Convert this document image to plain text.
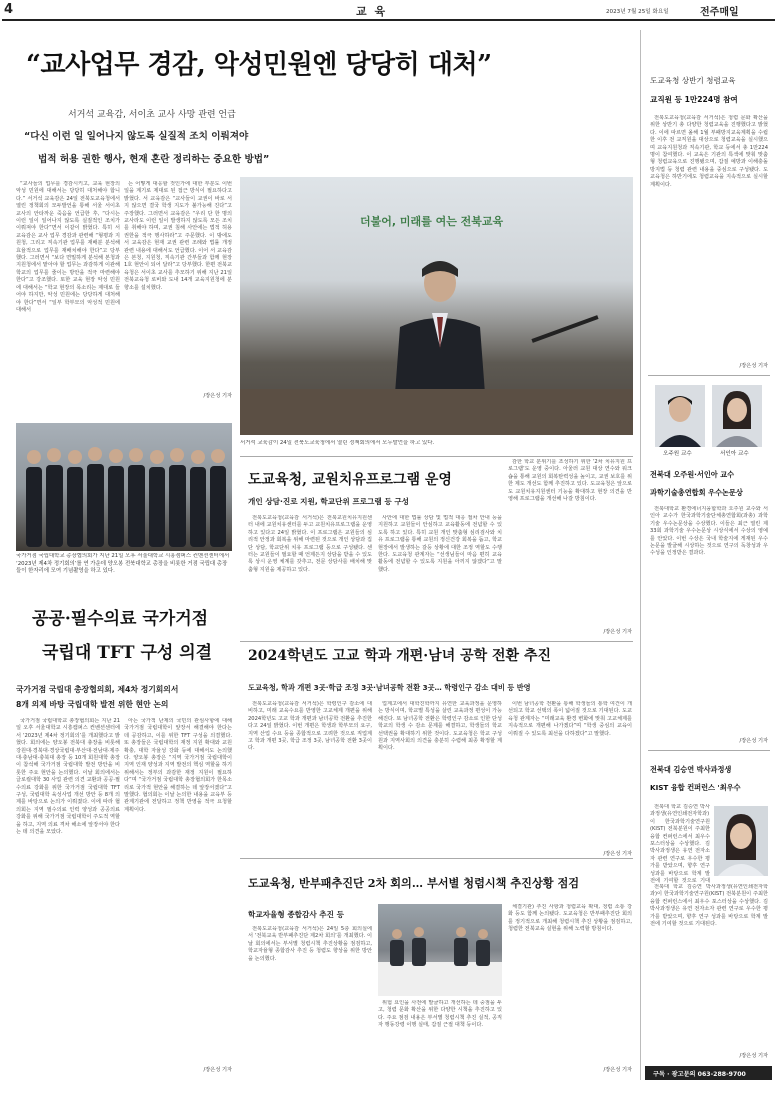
4	교 육	2023년 7월 25일 화요일	전주매일
“교사업무 경감, 악성민원엔 당당히 대처”
서거석 교육감, 서이초 교사 사망 관련 언급
“다신 이런 일 일어나지 않도록 실질적 조치 이뤄져야
법적 허용 권한 행사, 현재 혼란 정리하는 중요한 방법”

“교사들의 업무를 경감시키고, 교육 현장의 악성 민원에 대해서는 당당히 대처해야 합니다.” 서거석 교육감은 24일 전북도교육청에서 열린 정책회의 모두발언을 통해 서울 서이초 교사의 안타까운 죽음을 언급한 후, “다시는 이런 일이 일어나지 않도록 실질적인 조치가 이뤄져야 한다”면서 이같이 밝혔다. 특히 서 교육감은 교사 업무 경감과 관련해 “형평과 지원청, 그리고 직속기관 업무를 재배분 분석해 효율적으로 업무를 재배치해야 한다”고 당부했다. 그러면서 “보다 면밀하게 분석해 본청과 지원청에서 맡아야 할 업무는 과감하게 이관해 학교의 업무를 줄이는 방안을 적극 마련해야 한다”고 강조했다. 또한 교육 현장 악성 민원에 대해서는 “학교 현장의 목소리는 제대로 들어야 하지만, 악성 민원에는 당당하게 대처해야 한다”면서 “일부 학부모의 악성적 민원에 대해서

는 어떻게 대응할 것인가에 대한 부분도 이번 일을 계기로 제대로 된 접근 방식이 필요하다고 밝혔다. 서 교육감은 “교사들이 교권이 바로 서지 않으면 결국 학생 지도가 불가능해 진다”고 주장했다. 그러면서 교육감은 “우리 단 한 명의 교사라도 이런 일이 발생하지 않도록 모든 조치를 취해야 하며, 교권 침해 사안에는 법적 허용 권한을 적극 행사하라”고 주문했다. 이 밖에도 서 교육감은 현재 교권 관련 조례와 법률 개정 관련 내용에 대해서도 언급했다. 이어 서 교육감은 본청, 지원청, 직속기관 간부들과 함께 현장 1호 현안이 되어 달라”고 당부했다. 한편 전북교육청은 서이초 교사를 추모하기 위해 지난 21일 전북교육청 로비와 도내 14개 교육지원청에 분향소를 설치했다.

/장은성 기자
더불어, 미래를 여는 전북교육
서거석 교육감이 24일 전북도교육청에서 열린 정책회의에서 모두발언을 하고 있다.
국가거점 국립대학교 총장협의회가 지난 21일 오후 서울대학교 시흥캠퍼스 컨벤션센터에서 ‘2023년 제4차 정기회의’를 연 가운데 양오봉 전북대학교 총장을 비롯한 거점 국립대 총장들이 한자리에 모여 기념촬영을 하고 있다.
공공·필수의료 국가거점
국립대 TFT 구성 의결
국가거점 국립대 총장협의회, 제4차 정기회의서
8개 의제 바탕 국립대학 발전 위한 현안 논의

국가거점 국립대학교 총장협의회는 지난 21일 오후 서울대학교 시흥캠퍼스 컨벤션센터에서 ‘2023년 제4차 정기회의’를 개최했다고 밝혔다. 회의에는 양오봉 전북대 총장을 비롯해 강원대·경북대·경상국립대·부산대·전남대·제주대·충남대·충북대 총장 등 10개 회원대학 총장이 참석해 국가거점 국립대학 발전 방안을 비롯한 주요 현안을 논의했다. 이날 회의에서는 글로컬대학 30 사업 관련 의견 교환과 공공·필수의료 강화를 위한 국가거점 국립대학 TFT 구성, 국립대학 육성사업 개선 방안 등 8개 의제를 바탕으로 논의가 이뤄졌다. 이에 따라 협의회는 지역 필수의료 인력 양성과 공공의료 강화를 위해 국가거점 국립대학이 주도적 역할을 하고, 지역 의료 격차 해소에 앞장서야 한다는 데 의견을 모았다.

아는 국가적 난제의 국민의 관심사항에 대해 국가거점 국립대학이 앞장서 해결해야 한다는 데 공감하고, 이를 위한 TFT 구성을 의결했다. 또 총장들은 국립대학의 재정 지원 확대와 교원 확충, 대학 자율성 강화 등에 대해서도 논의했다. 양오봉 총장은 “지역 국가거점 국립대학이 지역 인재 양성과 지역 발전의 핵심 역할을 하기 위해서는 정부의 과감한 재정 지원이 필요하다”며 “국가거점 국립대학 총장협의회가 한목소리로 국가적 현안을 해결하는 데 앞장서겠다”고 말했다. 협의회는 이날 논의한 내용을 교육부 등 관계기관에 전달하고 정책 반영을 적극 요청할 계획이다.

/장은성 기자
도교육청, 교원치유프로그램 운영
개인 상담·진로 지원, 학교단위 프로그램 등 구성

전북도교육청(교육감 서거석)은 전북교원치유지원센터 내에 교원치유센터를 두고 교원치유프로그램을 운영하고 있다고 24일 밝혔다. 이 프로그램은 교원들의 심리적 안정과 회복을 위해 마련된 것으로 개인 상담과 집단 상담, 학교단위 치유 프로그램 등으로 구성됐다. 센터는 교원들이 필요할 때 언제든지 상담을 받을 수 있도록 상시 운영 체계를 갖추고, 전문 상담사를 배치해 맞춤형 지원을 제공하고 있다.

사안에 대한 법률 상담 및 법적 대응 절차 안내 등을 지원하고 교원들이 안심하고 교육활동에 전념할 수 있도록 하고 있다. 특히 교원 개인 맞춤형 심리검사와 치유 프로그램을 통해 교원의 정신건강 회복을 돕고, 학교 현장에서 발생하는 갈등 상황에 대한 조정 역할도 수행한다. 도교육청 관계자는 “선생님들이 마음 편히 교육활동에 전념할 수 있도록 지원을 아끼지 않겠다”고 말했다.

감한 학교 분위기를 조성하기 위한 ‘2차 치유지원 프로그램’도 운영 중이다. 아울러 교원 대상 연수와 워크숍을 통해 교원의 회복탄력성을 높이고, 교권 보호를 위한 제도 개선도 함께 추진하고 있다. 도교육청은 앞으로도 교원치유지원센터 기능을 확대하고 현장 의견을 반영해 프로그램을 개선해 나갈 방침이다.

/장은성 기자
2024학년도 고교 학과 개편·남녀 공학 전환 추진
도교육청, 학과 개편 3곳·학급 조정 3곳·남녀공학 전환 3곳… 학령인구 감소 대비 등 반영

전북도교육청(교육감 서거석)은 학령인구 감소에 대비하고, 미래 교육수요를 반영한 고교체제 개편을 위해 2024학년도 고교 학과 개편과 남녀공학 전환을 추진한다고 24일 밝혔다. 이번 개편은 학생과 학부모의 요구, 지역 산업 수요 등을 종합적으로 고려한 것으로 직업계고 학과 개편 3곳, 학급 조정 3곳, 남녀공학 전환 3곳이다.

업계고에서 대학진학까지 유연한 교육과정을 운영하는 방식이며, 학교별 특성을 살린 교육과정 편성이 가능해진다. 또 남녀공학 전환은 학령인구 감소로 인한 단성학교의 학생 수 감소 문제를 해결하고, 학생들의 학교 선택권을 확대하기 위한 것이다. 도교육청은 학교 구성원과 지역사회의 의견을 충분히 수렴해 최종 확정할 계획이다.

이번 남녀공학 전환을 통해 학생들의 통학 여건이 개선되고 학교 선택의 폭이 넓어질 것으로 기대된다. 도교육청 관계자는 “미래교육 환경 변화에 맞춰 고교체제를 지속적으로 개편해 나가겠다”며 “학생 중심의 교육이 이뤄질 수 있도록 최선을 다하겠다”고 말했다.

/장은성 기자
도교육청, 반부패추진단 2차 회의… 부서별 청렴시책 추진상황 점검
학교자율형 종합감사 추진 등

전북도교육청(교육감 서거석)은 24일 5층 회의실에서 ‘전북교육 반부패추진단 제2차 회의’를 개최했다. 이날 회의에서는 부서별 청렴시책 추진상황을 점검하고, 학교자율형 종합감사 추진 등 청렴도 향상을 위한 방안을 논의했다.

위험 요인을 사전에 발굴하고 개선하는 데 중점을 두고, 청렴 문화 확산을 위한 다양한 시책을 추진하고 있다. 주요 점검 내용은 부서별 청렴시책 추진 실적, 공직자 행동강령 이행 실태, 갑질 근절 대책 등이다.

체결기관) 추진 사항과 청렴교육 확대, 청렴 소통 강화 등도 함께 논의됐다. 도교육청은 반부패추진단 회의를 정기적으로 개최해 청렴시책 추진 상황을 점검하고, 청렴한 전북교육 실현을 위해 노력할 방침이다.

/장은성 기자
도교육청 상반기 청렴교육
교직원 등 1만224명 참여

전북도교육청(교육감 서거석)은 청렴 문화 확산을 위한 상반기 총 다양한 청렴교육을 진행했다고 밝혔다. 이에 따르면 올해 1월 부패방지교육계획을 수립한 이후 전 교직원을 대상으로 청렴교육을 실시했으며 교육지원청과 직속기관, 학교 등에서 총 1만224명이 참여했다. 이 교육은 기관의 특색에 맞춰 맞춤형 청렴교육으로 진행됐으며, 갑질 예방과 이해충돌방지법 등 청렴 관련 내용을 중심으로 구성됐다. 도교육청은 하반기에도 청렴교육을 지속적으로 실시할 계획이다.

/장은성 기자
오주원 교수	서인아 교수
전북대 오주원·서인아 교수
과학기술총연합회 우수논문상

전북대학교 환경에너지융합학과 오주원 교수와 서인아 교수가 한국과학기술단체총연합회(과총) 과학기술 우수논문상을 수상했다. 이들은 최근 열린 제33회 과학기술 우수논문상 시상식에서 수상의 영예를 안았다. 이번 수상은 국내 학술지에 게재된 우수 논문을 발굴해 시상하는 것으로 연구의 독창성과 우수성을 인정받은 결과다.

/장은성 기자
전북대 김승연 박사과정생
KIST 융합 컨퍼런스 '최우수

전북대 학교 김승연 박사과정생(유연인쇄전자학과)이 한국과학기술연구원(KIST) 전북분원이 주최한 융합 컨퍼런스에서 최우수 포스터상을 수상했다. 김 박사과정생은 유연 전자소자 관련 연구로 우수한 평가를 받았으며, 향후 연구 성과를 바탕으로 학계 발전에 기여할 것으로 기대

전북대 학교 김승연 박사과정생(유연인쇄전자학과)이 한국과학기술연구원(KIST) 전북분원이 주최한 융합 컨퍼런스에서 최우수 포스터상을 수상했다. 김 박사과정생은 유연 전자소자 관련 연구로 우수한 평가를 받았으며, 향후 연구 성과를 바탕으로 학계 발전에 기여할 것으로 기대된다.

/장은성 기자
구독 · 광고문의 063-288-9700
